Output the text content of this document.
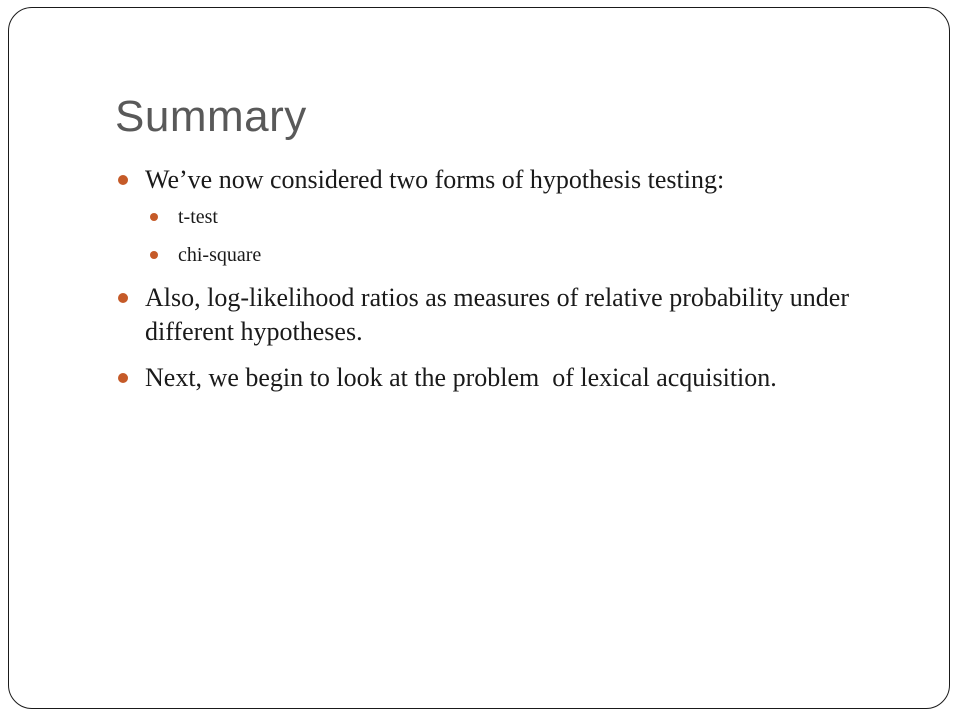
Summary
We’ve now considered two forms of hypothesis testing:
t-test
chi-square
Also, log-likelihood ratios as measures of relative probability under different hypotheses.
Next, we begin to look at the problem  of lexical acquisition.
